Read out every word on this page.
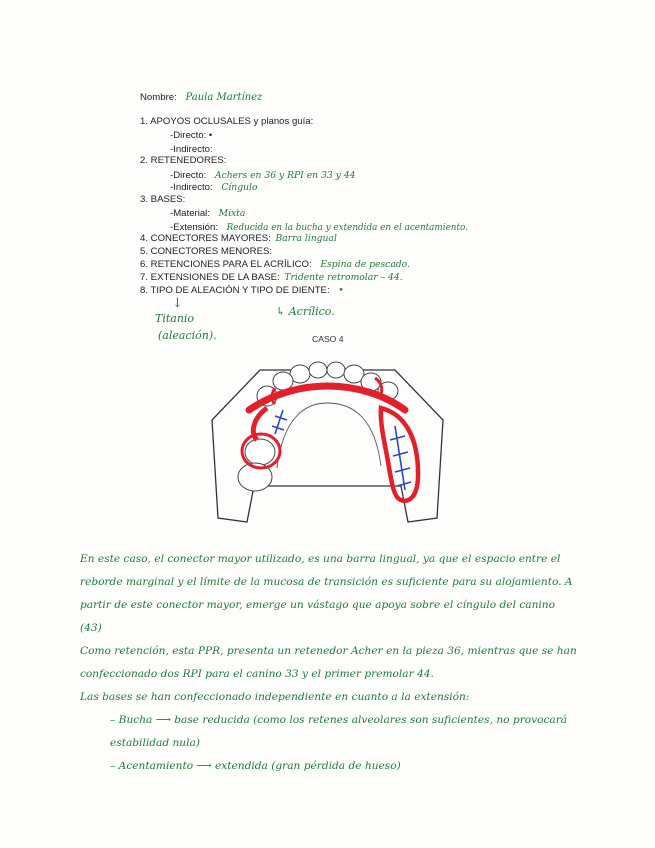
Nombre: Paula Martínez
1. APOYOS OCLUSALES y planos guía:
-Directo: •
-Indirecto:
2. RETENEDORES:
-Directo: Achers en 36 y RPI en 33 y 44
-Indirecto: Cíngulo
3. BASES:
-Material: Mixta
-Extensión: Reducida en la bucha y extendida en el acentamiento.
4. CONECTORES MAYORES: Barra lingual
5. CONECTORES MENORES:
6. RETENCIONES PARA EL ACRÍLICO: Espina de pescado.
7. EXTENSIONES DE LA BASE: Tridente retromolar – 44.
8. TIPO DE ALEACIÓN Y TIPO DE DIENTE: •
↓
Titanio
(aleación).
↳ Acrílico.
CASO 4

En este caso, el conector mayor utilizado, es una barra lingual, ya que el espacio entre el reborde marginal y el límite de la mucosa de transición es suficiente para su alojamiento. A partir de este conector mayor, emerge un vástago que apoya sobre el cíngulo del canino (43)

Como retención, esta PPR, presenta un retenedor Acher en la pieza 36, mientras que se han confeccionado dos RPI para el canino 33 y el primer premolar 44.

Las bases se han confeccionado independiente en cuanto a la extensión:

– Bucha ⟶ base reducida (como los retenes alveolares son suficientes, no provocará estabilidad nula)

– Acentamiento ⟶ extendida (gran pérdida de hueso)
